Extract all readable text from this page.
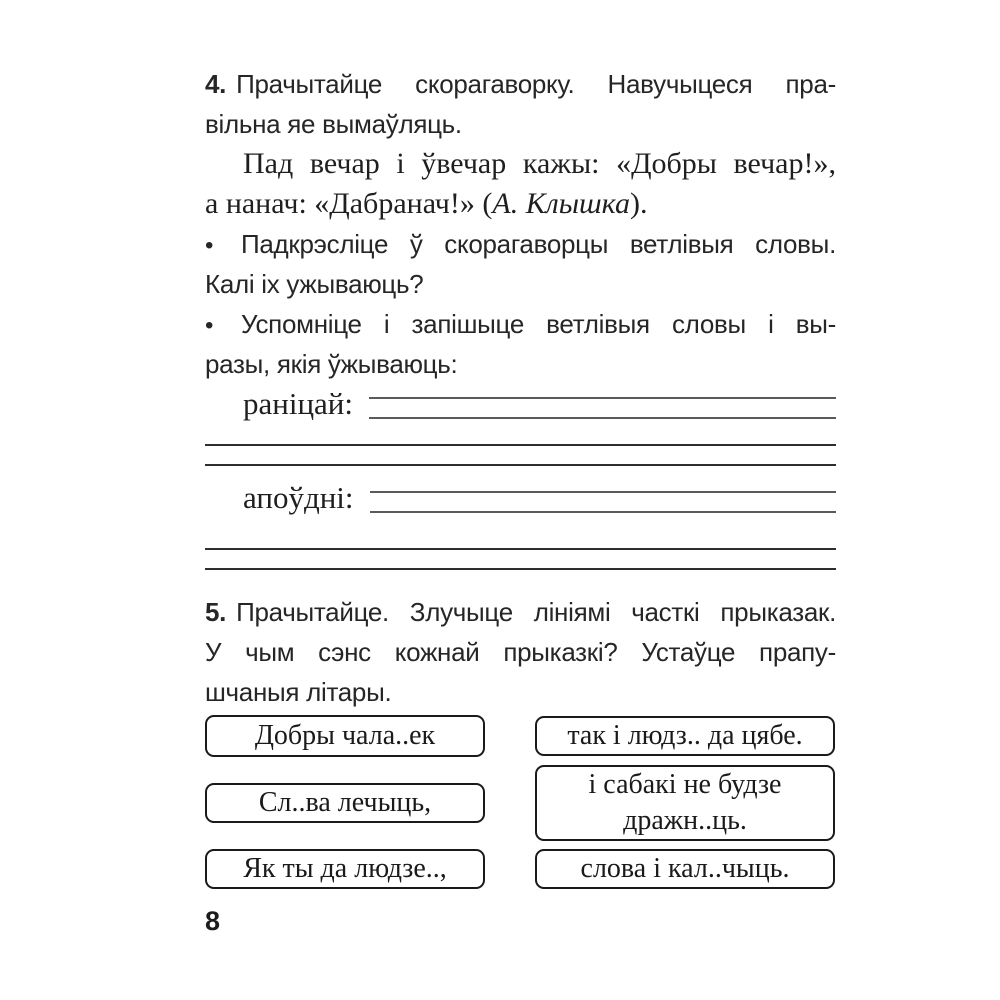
4. Прачытайце скорагаворку. Навучыцеся пра-
вільна яе вымаўляць.
Пад вечар і ўвечар кажы: «Добры вечар!»,
а нанач: «Дабранач!» (А. Клышка).
• Падкрэсліце ў скорагаворцы ветлівыя словы.
Калі іх ужываюць?
• Успомніце і запішыце ветлівыя словы і вы-
разы, якія ўжываюць:
раніцай:
апоўдні:
5. Прачытайце. Злучыце лініямі часткі прыказак.
У чым сэнс кожнай прыказкі? Устаўце прапу-
шчаныя літары.
Добры чала..ек	так і людз.. да цябе.
Сл..ва лечыць,
і сабакі не будзе дражн..ць.
Як ты да людзе..,	слова і кал..чыць.
8
